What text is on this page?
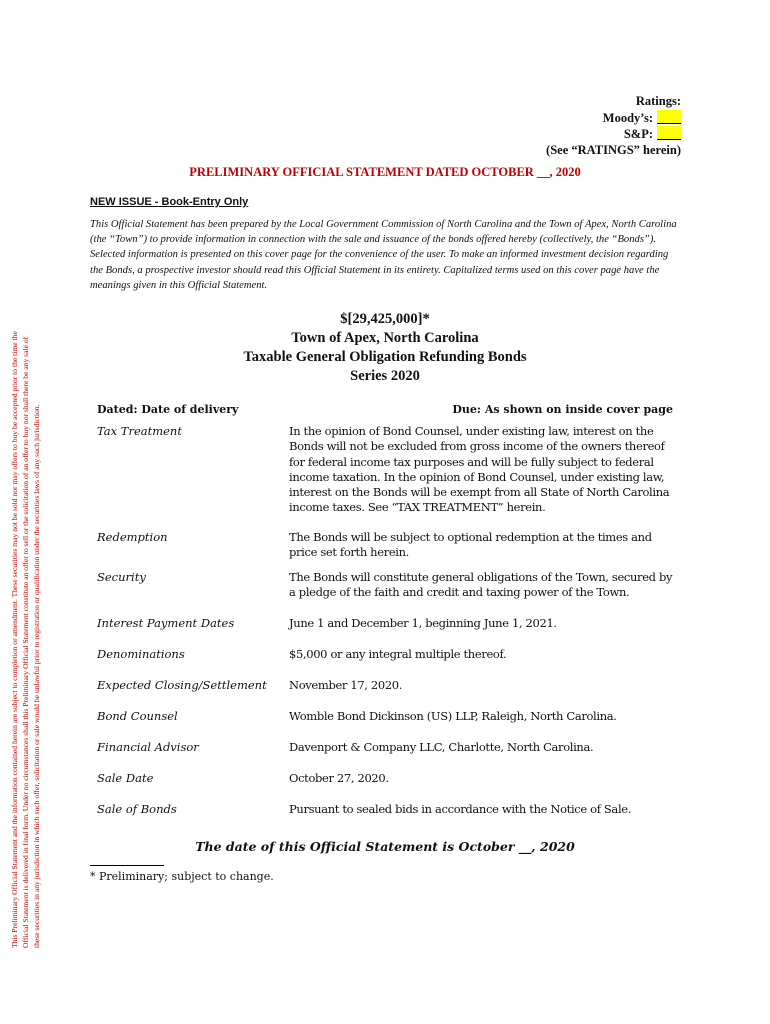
This Preliminary Official Statement and the information contained herein are subject to completion or amendment. These securities may not be sold nor may offers to buy be accepted prior to the time the Official Statement is delivered in final form. Under no circumstances shall this Preliminary Official Statement constitute an offer to sell or the solicitation of an offer to buy nor shall there be any sale of these securities in any jurisdiction in which such offer, solicitation or sale would be unlawful prior to registration or qualification under the securities laws of any such jurisdiction.
Ratings:
Moody’s:
S&P:
(See “RATINGS” herein)
PRELIMINARY OFFICIAL STATEMENT DATED OCTOBER __, 2020
NEW ISSUE - Book-Entry Only
This Official Statement has been prepared by the Local Government Commission of North Carolina and the Town of Apex, North Carolina (the “Town”) to provide information in connection with the sale and issuance of the bonds offered hereby (collectively, the “Bonds”). Selected information is presented on this cover page for the convenience of the user. To make an informed investment decision regarding the Bonds, a prospective investor should read this Official Statement in its entirety. Capitalized terms used on this cover page have the meanings given in this Official Statement.
$[29,425,000]*
Town of Apex, North Carolina
Taxable General Obligation Refunding Bonds
Series 2020
Dated: Date of delivery	Due: As shown on inside cover page
Tax Treatment	In the opinion of Bond Counsel, under existing law, interest on the Bonds will not be excluded from gross income of the owners thereof for federal income tax purposes and will be fully subject to federal income taxation. In the opinion of Bond Counsel, under existing law, interest on the Bonds will be exempt from all State of North Carolina income taxes. See “TAX TREATMENT” herein.
Redemption	The Bonds will be subject to optional redemption at the times and price set forth herein.
Security	The Bonds will constitute general obligations of the Town, secured by a pledge of the faith and credit and taxing power of the Town.
Interest Payment Dates	June 1 and December 1, beginning June 1, 2021.
Denominations	$5,000 or any integral multiple thereof.
Expected Closing/Settlement	November 17, 2020.
Bond Counsel	Womble Bond Dickinson (US) LLP, Raleigh, North Carolina.
Financial Advisor	Davenport & Company LLC, Charlotte, North Carolina.
Sale Date	October 27, 2020.
Sale of Bonds	Pursuant to sealed bids in accordance with the Notice of Sale.
The date of this Official Statement is October __, 2020
* Preliminary; subject to change.
